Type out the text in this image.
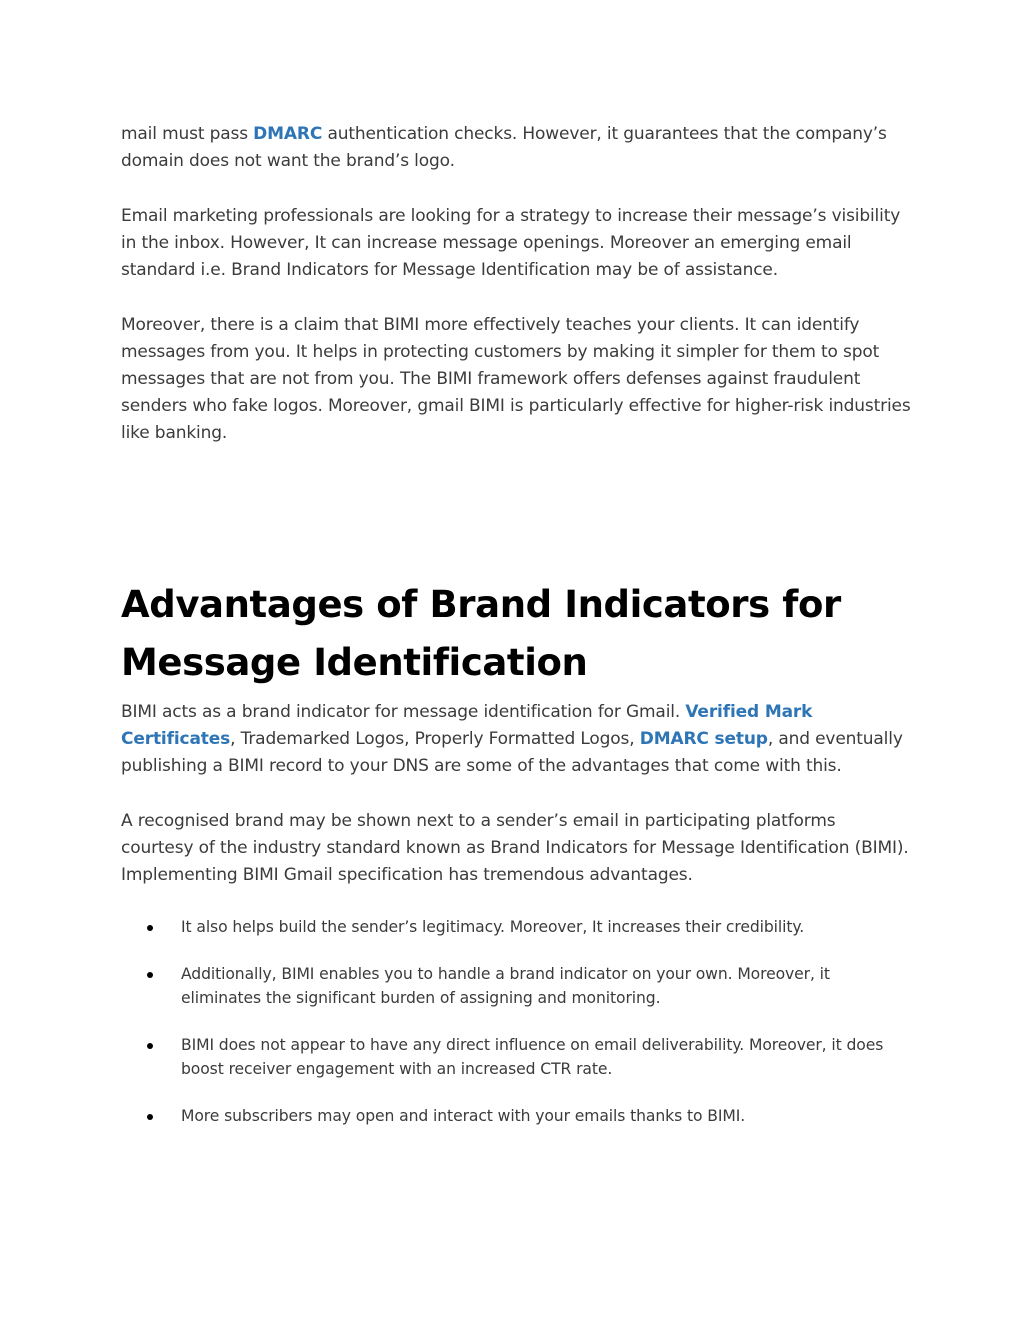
mail must pass DMARC authentication checks. However, it guarantees that the company’s domain does not want the brand’s logo.

Email marketing professionals are looking for a strategy to increase their message’s visibility in the inbox. However, It can increase message openings. Moreover an emerging email standard i.e. Brand Indicators for Message Identification may be of assistance.

Moreover, there is a claim that BIMI more effectively teaches your clients. It can identify messages from you. It helps in protecting customers by making it simpler for them to spot messages that are not from you. The BIMI framework offers defenses against fraudulent senders who fake logos. Moreover, gmail BIMI is particularly effective for higher-risk industries like banking.

Advantages of Brand Indicators for Message Identification

BIMI acts as a brand indicator for message identification for Gmail. Verified Mark Certificates, Trademarked Logos, Properly Formatted Logos, DMARC setup, and eventually publishing a BIMI record to your DNS are some of the advantages that come with this.

A recognised brand may be shown next to a sender’s email in participating platforms courtesy of the industry standard known as Brand Indicators for Message Identification (BIMI). Implementing BIMI Gmail specification has tremendous advantages.

It also helps build the sender’s legitimacy. Moreover, It increases their credibility.
Additionally, BIMI enables you to handle a brand indicator on your own. Moreover, it eliminates the significant burden of assigning and monitoring.
BIMI does not appear to have any direct influence on email deliverability. Moreover, it does boost receiver engagement with an increased CTR rate.
More subscribers may open and interact with your emails thanks to BIMI.
